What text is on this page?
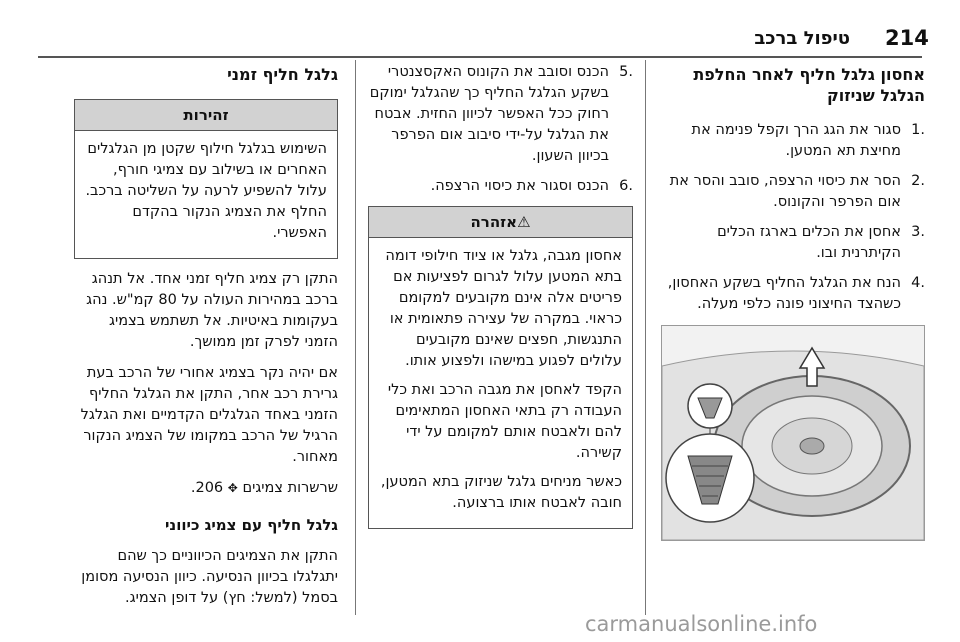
214
טיפול ברכב
אחסון גלגל חליף לאחר החלפת הגלגל שניזוק
.1
סגור את הגג הרך וקפל פנימה את מחיצת תא המטען.
.2
הסר את כיסוי הרצפה, סובב והסר את אום הפרפר והקונוס.
.3
אחסן את הכלים בארגז הכלים הקיתרנית ובו.
.4
הנח את הגלגל החליף בשקע האחסון, כשהצד החיצוני פונה כלפי מעלה.
.5
הכנס וסובב את הקונוס האקסצנטרי בשקע הגלגל החליף כך שהגלגל ימוקם רחוק ככל האפשר לכיוון החזית. אבטח את הגלגל על-ידי סיבוב אום הפרפר בכיוון השעון.
.6
הכנס וסגור את כיסוי הרצפה.
⚠אזהרה

אחסון מגבה, גלגל או ציוד חילופי דומה בתא המטען עלול לגרום לפציעות אם פריטים אלה אינם מקובעים למקומם כראוי. במקרה של עצירה פתאומית או התנגשות, חפצים שאינם מקובעים עלולים לפגוע במישהו ולפצוע אותו.

הקפד לאחסן את מגבה הרכב ואת כלי העבודה רק בתאי האחסון המתאימים להם ולאבטח אותם למקומם על ידי קשירה.

כאשר מניחים גלגל שניזוק בתא המטען, חובה לאבטח אותו ברצועה.

גלגל חליף זמני
זהירות

השימוש בגלגל חילוף שקטן מן הגלגלים האחרים או בשילוב עם צמיגי חורף, עלול להשפיע לרעה על השליטה ברכב. החלף את הצמיג הנקור בהקדם האפשרי.

התקן רק צמיג חליף זמני אחד. אל תנהג ברכב במהירות העולה על 80 קמ"ש. נהג בעקומות באיטיות. אל תשתמש בצמיג הזמני לפרק זמן ממושך.

אם יהיה נקר בצמיג אחורי של הרכב בעת גרירת רכב אחר, התקן את הגלגל החליף הזמני באחד הגלגלים הקדמיים ואת הגלגל הרגיל של הרכב במקומו של הצמיג הנקור מאחור.

שרשרות צמיגים ✥ 206.

גלגל חליף עם צמיג כיווני

התקן את הצמיגים הכיווניים כך שהם יתגלגלו בכיוון הנסיעה. כיוון הנסיעה מסומן בסמל (למשל: חץ) על דופן הצמיג.

carmanualsonline.info
